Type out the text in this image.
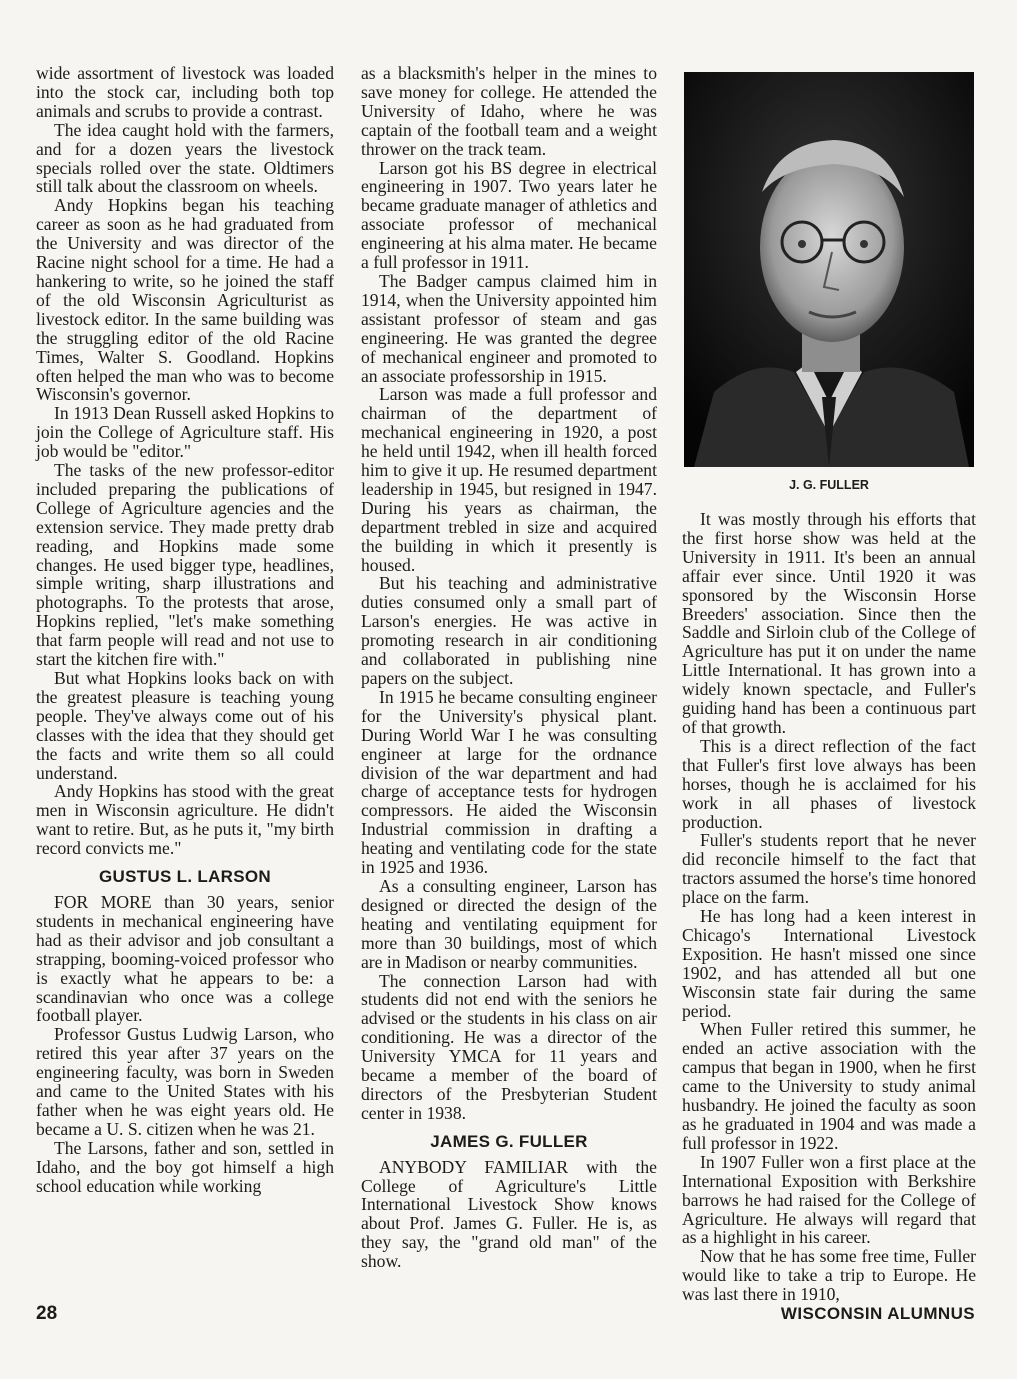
wide assortment of livestock was loaded into the stock car, including both top animals and scrubs to provide a contrast.

The idea caught hold with the farmers, and for a dozen years the livestock specials rolled over the state. Oldtimers still talk about the classroom on wheels.

Andy Hopkins began his teaching career as soon as he had graduated from the University and was director of the Racine night school for a time. He had a hankering to write, so he joined the staff of the old Wisconsin Agriculturist as livestock editor. In the same building was the struggling editor of the old Racine Times, Walter S. Goodland. Hopkins often helped the man who was to become Wisconsin's governor.

In 1913 Dean Russell asked Hopkins to join the College of Agriculture staff. His job would be "editor."

The tasks of the new professor-editor included preparing the publications of College of Agriculture agencies and the extension service. They made pretty drab reading, and Hopkins made some changes. He used bigger type, headlines, simple writing, sharp illustrations and photographs. To the protests that arose, Hopkins replied, "let's make something that farm people will read and not use to start the kitchen fire with."

But what Hopkins looks back on with the greatest pleasure is teaching young people. They've always come out of his classes with the idea that they should get the facts and write them so all could understand.

Andy Hopkins has stood with the great men in Wisconsin agriculture. He didn't want to retire. But, as he puts it, "my birth record convicts me."

GUSTUS L. LARSON

FOR MORE than 30 years, senior students in mechanical engineering have had as their advisor and job consultant a strapping, booming-voiced professor who is exactly what he appears to be: a scandinavian who once was a college football player.

Professor Gustus Ludwig Larson, who retired this year after 37 years on the engineering faculty, was born in Sweden and came to the United States with his father when he was eight years old. He became a U. S. citizen when he was 21.

The Larsons, father and son, settled in Idaho, and the boy got himself a high school education while working

as a blacksmith's helper in the mines to save money for college. He attended the University of Idaho, where he was captain of the football team and a weight thrower on the track team.

Larson got his BS degree in electrical engineering in 1907. Two years later he became graduate manager of athletics and associate professor of mechanical engineering at his alma mater. He became a full professor in 1911.

The Badger campus claimed him in 1914, when the University appointed him assistant professor of steam and gas engineering. He was granted the degree of mechanical engineer and promoted to an associate professorship in 1915.

Larson was made a full professor and chairman of the department of mechanical engineering in 1920, a post he held until 1942, when ill health forced him to give it up. He resumed department leadership in 1945, but resigned in 1947. During his years as chairman, the department trebled in size and acquired the building in which it presently is housed.

But his teaching and administrative duties consumed only a small part of Larson's energies. He was active in promoting research in air conditioning and collaborated in publishing nine papers on the subject.

In 1915 he became consulting engineer for the University's physical plant. During World War I he was consulting engineer at large for the ordnance division of the war department and had charge of acceptance tests for hydrogen compressors. He aided the Wisconsin Industrial commission in drafting a heating and ventilating code for the state in 1925 and 1936.

As a consulting engineer, Larson has designed or directed the design of the heating and ventilating equipment for more than 30 buildings, most of which are in Madison or nearby communities.

The connection Larson had with students did not end with the seniors he advised or the students in his class on air conditioning. He was a director of the University YMCA for 11 years and became a member of the board of directors of the Presbyterian Student center in 1938.

JAMES G. FULLER

ANYBODY FAMILIAR with the College of Agriculture's Little International Livestock Show knows about Prof. James G. Fuller. He is, as they say, the "grand old man" of the show.

J. G. FULLER

It was mostly through his efforts that the first horse show was held at the University in 1911. It's been an annual affair ever since. Until 1920 it was sponsored by the Wisconsin Horse Breeders' association. Since then the Saddle and Sirloin club of the College of Agriculture has put it on under the name Little International. It has grown into a widely known spectacle, and Fuller's guiding hand has been a continuous part of that growth.

This is a direct reflection of the fact that Fuller's first love always has been horses, though he is acclaimed for his work in all phases of livestock production.

Fuller's students report that he never did reconcile himself to the fact that tractors assumed the horse's time honored place on the farm.

He has long had a keen interest in Chicago's International Livestock Exposition. He hasn't missed one since 1902, and has attended all but one Wisconsin state fair during the same period.

When Fuller retired this summer, he ended an active association with the campus that began in 1900, when he first came to the University to study animal husbandry. He joined the faculty as soon as he graduated in 1904 and was made a full professor in 1922.

In 1907 Fuller won a first place at the International Exposition with Berkshire barrows he had raised for the College of Agriculture. He always will regard that as a highlight in his career.

Now that he has some free time, Fuller would like to take a trip to Europe. He was last there in 1910,

28	WISCONSIN ALUMNUS
